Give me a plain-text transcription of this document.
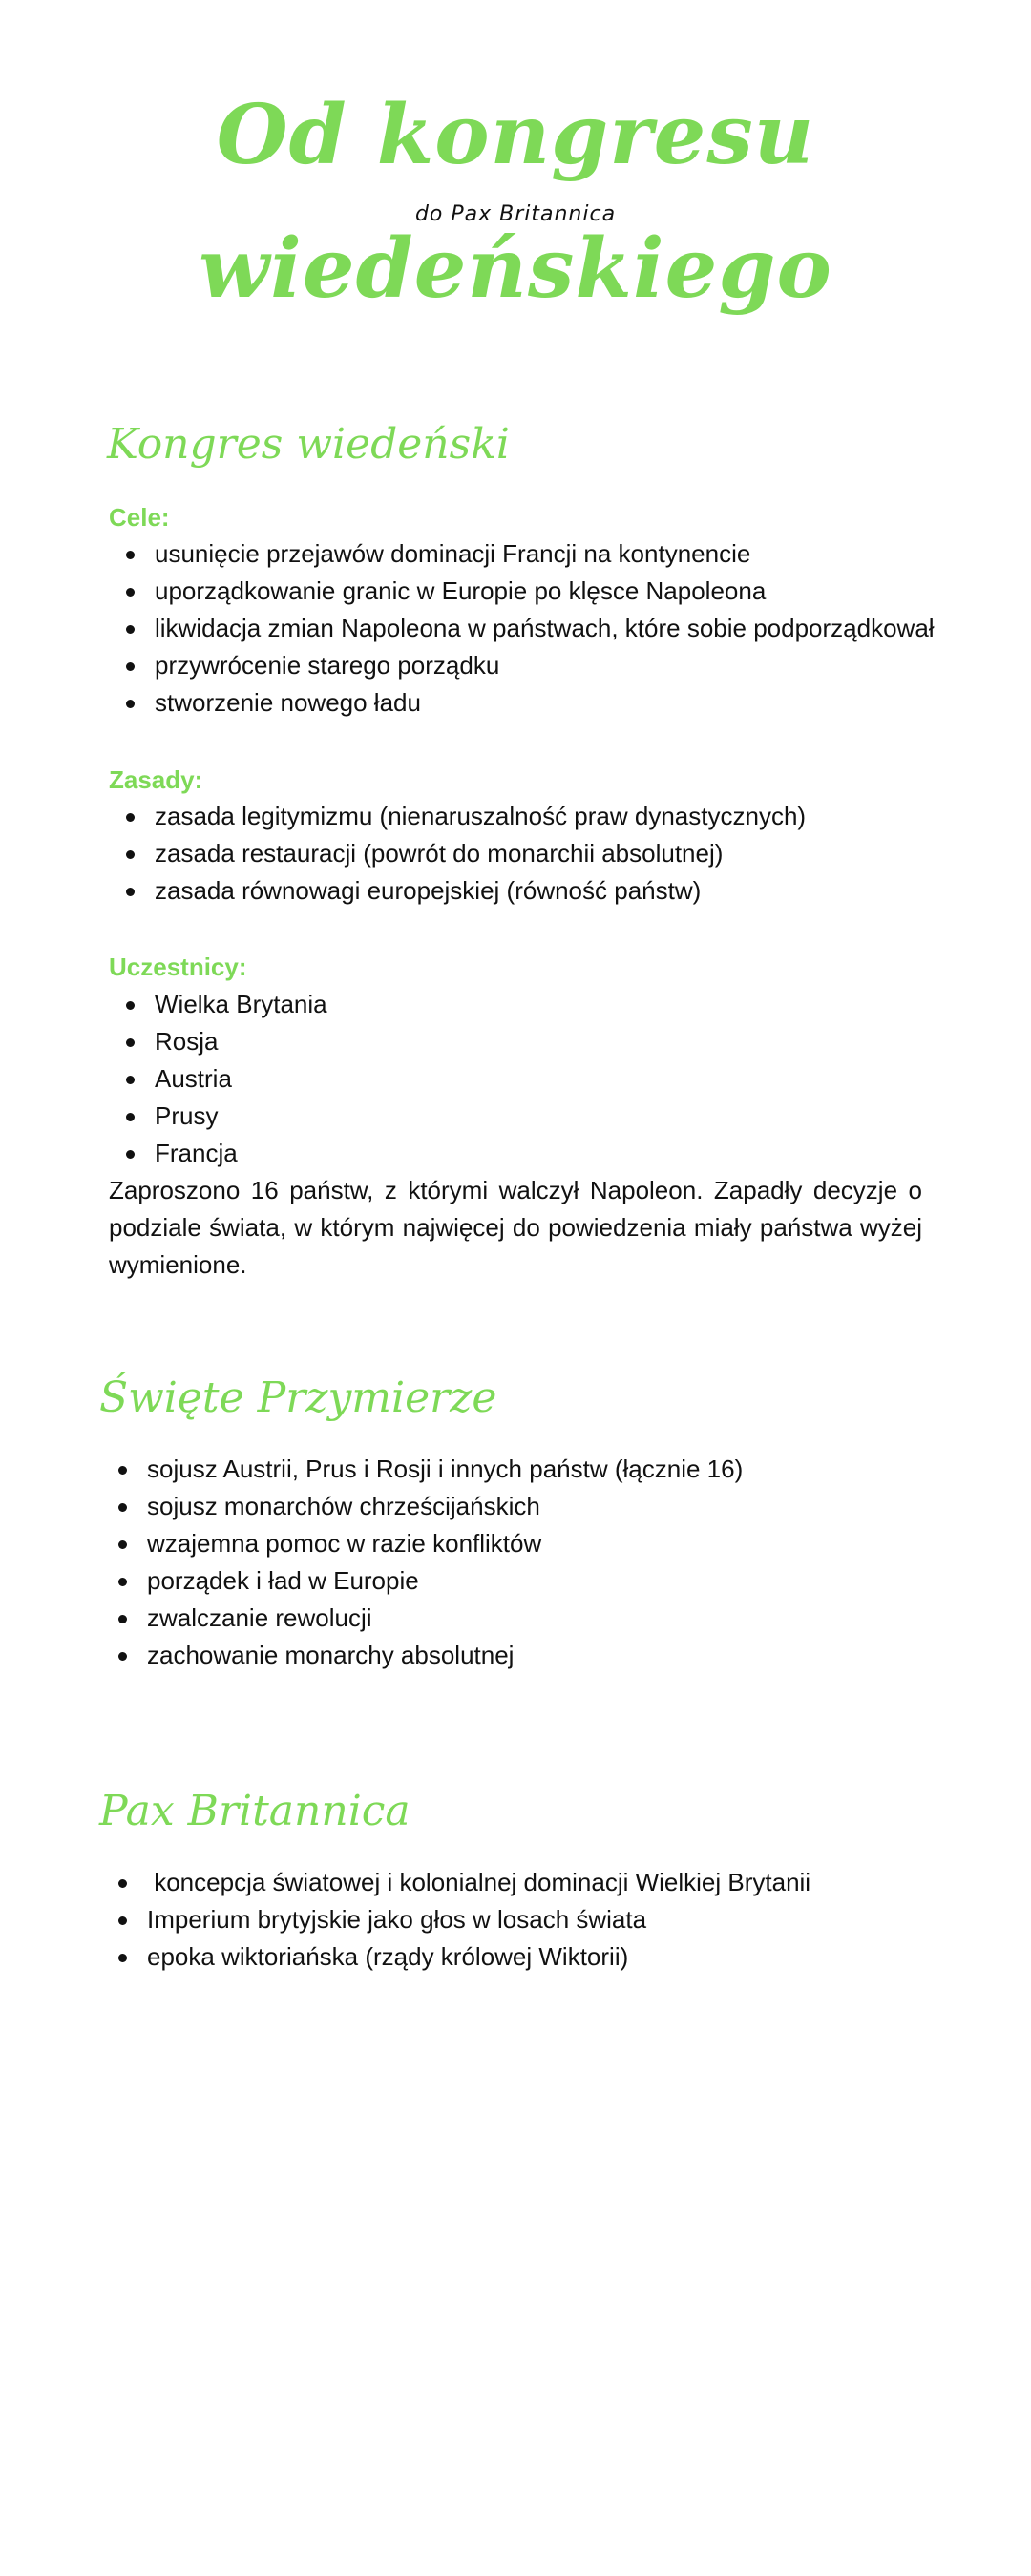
Od kongresu
do Pax Britannica
wiedeńskiego
Kongres wiedeński
Cele:
usunięcie przejawów dominacji Francji na kontynencie
uporządkowanie granic w Europie po klęsce Napoleona
likwidacja zmian Napoleona w państwach, które sobie podporządkował
przywrócenie starego porządku
stworzenie nowego ładu
Zasady:
zasada legitymizmu (nienaruszalność praw dynastycznych)
zasada restauracji (powrót do monarchii absolutnej)
zasada równowagi europejskiej (równość państw)
Uczestnicy:
Wielka Brytania
Rosja
Austria
Prusy
Francja

Zaproszono 16 państw, z którymi walczył Napoleon. Zapadły decyzje o podziale świata, w którym najwięcej do powiedzenia miały państwa wyżej wymienione.

Święte Przymierze
sojusz Austrii, Prus i Rosji i innych państw (łącznie 16)
sojusz monarchów chrześcijańskich
wzajemna pomoc w razie konfliktów
porządek i ład w Europie
zwalczanie rewolucji
zachowanie monarchy absolutnej
Pax Britannica
koncepcja światowej i kolonialnej dominacji Wielkiej Brytanii
Imperium brytyjskie jako głos w losach świata
epoka wiktoriańska (rządy królowej Wiktorii)
